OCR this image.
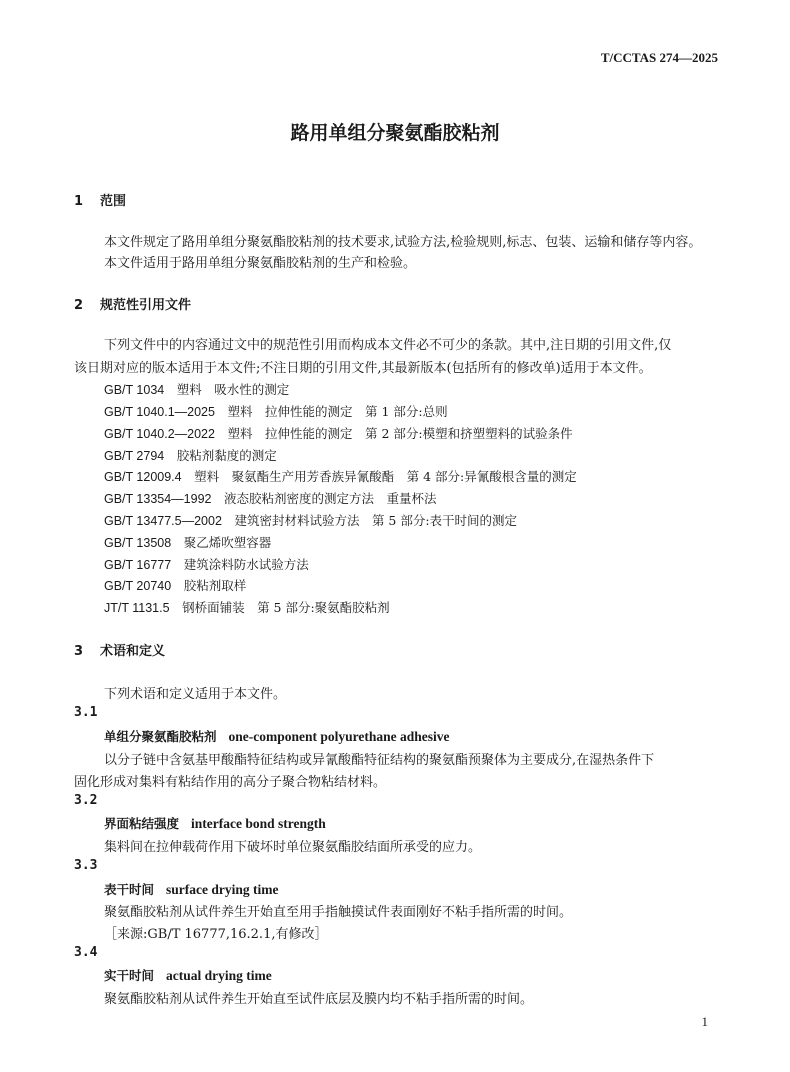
T/CCTAS 274—2025
路用单组分聚氨酯胶粘剂
1 范围
本文件规定了路用单组分聚氨酯胶粘剂的技术要求,试验方法,检验规则,标志、包装、运输和储存等内容。
本文件适用于路用单组分聚氨酯胶粘剂的生产和检验。
2 规范性引用文件
下列文件中的内容通过文中的规范性引用而构成本文件必不可少的条款。其中,注日期的引用文件,仅
该日期对应的版本适用于本文件;不注日期的引用文件,其最新版本(包括所有的修改单)适用于本文件。
GB/T 1034　 塑料　吸水性的测定
GB/T 1040.1—2025　 塑料　拉伸性能的测定　第 1 部分:总则
GB/T 1040.2—2022　 塑料　拉伸性能的测定　第 2 部分:模塑和挤塑塑料的试验条件
GB/T 2794　 胶粘剂黏度的测定
GB/T 12009.4　 塑料　聚氨酯生产用芳香族异氰酸酯　第 4 部分:异氰酸根含量的测定
GB/T 13354—1992　 液态胶粘剂密度的测定方法　重量杯法
GB/T 13477.5—2002　 建筑密封材料试验方法　第 5 部分:表干时间的测定
GB/T 13508　 聚乙烯吹塑容器
GB/T 16777　 建筑涂料防水试验方法
GB/T 20740　 胶粘剂取样
JT/T 1131.5　 钢桥面铺装　第 5 部分:聚氨酯胶粘剂
3 术语和定义
下列术语和定义适用于本文件。
3.1
单组分聚氨酯胶粘剂 one-component polyurethane adhesive
以分子链中含氨基甲酸酯特征结构或异氰酸酯特征结构的聚氨酯预聚体为主要成分,在湿热条件下
固化形成对集料有粘结作用的高分子聚合物粘结材料。
3.2
界面粘结强度 interface bond strength
集料间在拉伸载荷作用下破坏时单位聚氨酯胶结面所承受的应力。
3.3
表干时间 surface drying time
聚氨酯胶粘剂从试件养生开始直至用手指触摸试件表面刚好不粘手指所需的时间。
［来源:GB/T 16777,16.2.1,有修改］
3.4
实干时间 actual drying time
聚氨酯胶粘剂从试件养生开始直至试件底层及膜内均不粘手指所需的时间。
1
